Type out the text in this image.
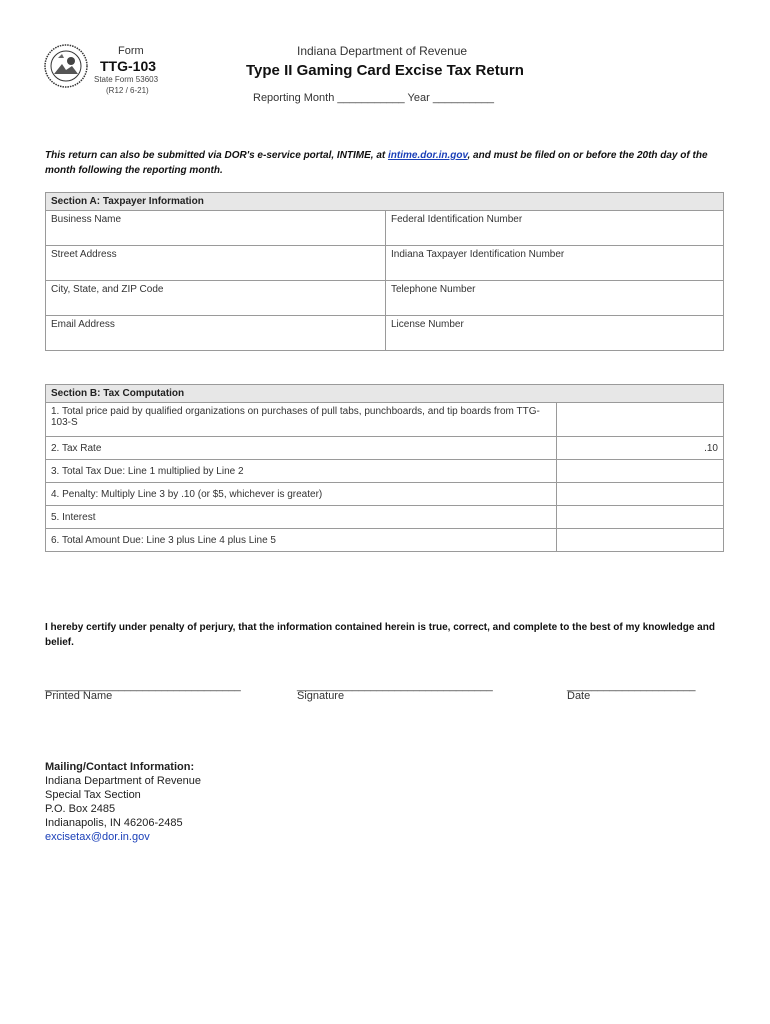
Form
TTG-103
State Form 53603
(R12 / 6-21)
Indiana Department of Revenue
Type II Gaming Card Excise Tax Return
Reporting Month ___________ Year __________
This return can also be submitted via DOR's e-service portal, INTIME, at intime.dor.in.gov, and must be filed on or before the 20th day of the month following the reporting month.
Section A: Taxpayer Information	
Business Name	Federal Identification Number
Street Address	Indiana Taxpayer Identification Number
City, State, and ZIP Code	Telephone Number
Email Address	License Number
Section B: Tax Computation	
1. Total price paid by qualified organizations on purchases of pull tabs, punchboards, and tip boards from TTG-103-S	
2. Tax Rate	.10
3. Total Tax Due: Line 1 multiplied by Line 2	
4. Penalty: Multiply Line 3 by .10 (or $5, whichever is greater)	
5. Interest	
6. Total Amount Due: Line 3 plus Line 4 plus Line 5	
I hereby certify under penalty of perjury, that the information contained herein is true, correct, and complete to the best of my knowledge and belief.
________________________________	________________________________	_____________________
Printed Name	Signature	Date
Mailing/Contact Information:
Indiana Department of Revenue
Special Tax Section
P.O. Box 2485
Indianapolis, IN 46206-2485
excisetax@dor.in.gov
